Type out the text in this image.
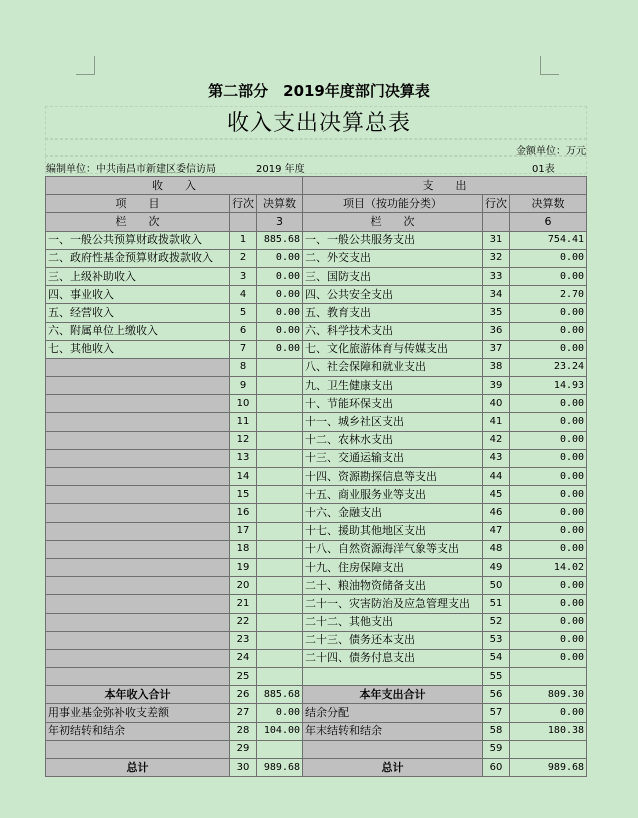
第二部分　2019年度部门决算表
收入支出决算总表
金额单位：万元
编制单位：中共南昌市新建区委信访局	2019 年度	01表
收　　入			支　　出		
项　　目	行次	决算数	项目（按功能分类）	行次	决算数
栏　　次		3	栏　　次		6
一、一般公共预算财政拨款收入	1	885.68	一、一般公共服务支出	31	754.41
二、政府性基金预算财政拨款收入	2	0.00	二、外交支出	32	0.00
三、上级补助收入	3	0.00	三、国防支出	33	0.00
四、事业收入	4	0.00	四、公共安全支出	34	2.70
五、经营收入	5	0.00	五、教育支出	35	0.00
六、附属单位上缴收入	6	0.00	六、科学技术支出	36	0.00
七、其他收入	7	0.00	七、文化旅游体育与传媒支出	37	0.00
	8		八、社会保障和就业支出	38	23.24
	9		九、卫生健康支出	39	14.93
	10		十、节能环保支出	40	0.00
	11		十一、城乡社区支出	41	0.00
	12		十二、农林水支出	42	0.00
	13		十三、交通运输支出	43	0.00
	14		十四、资源勘探信息等支出	44	0.00
	15		十五、商业服务业等支出	45	0.00
	16		十六、金融支出	46	0.00
	17		十七、援助其他地区支出	47	0.00
	18		十八、自然资源海洋气象等支出	48	0.00
	19		十九、住房保障支出	49	14.02
	20		二十、粮油物资储备支出	50	0.00
	21		二十一、灾害防治及应急管理支出	51	0.00
	22		二十二、其他支出	52	0.00
	23		二十三、债务还本支出	53	0.00
	24		二十四、债务付息支出	54	0.00
	25			55	
本年收入合计	26	885.68	本年支出合计	56	809.30
用事业基金弥补收支差额	27	0.00	结余分配	57	0.00
年初结转和结余	28	104.00	年末结转和结余	58	180.38
	29			59	
总计	30	989.68	总计	60	989.68
